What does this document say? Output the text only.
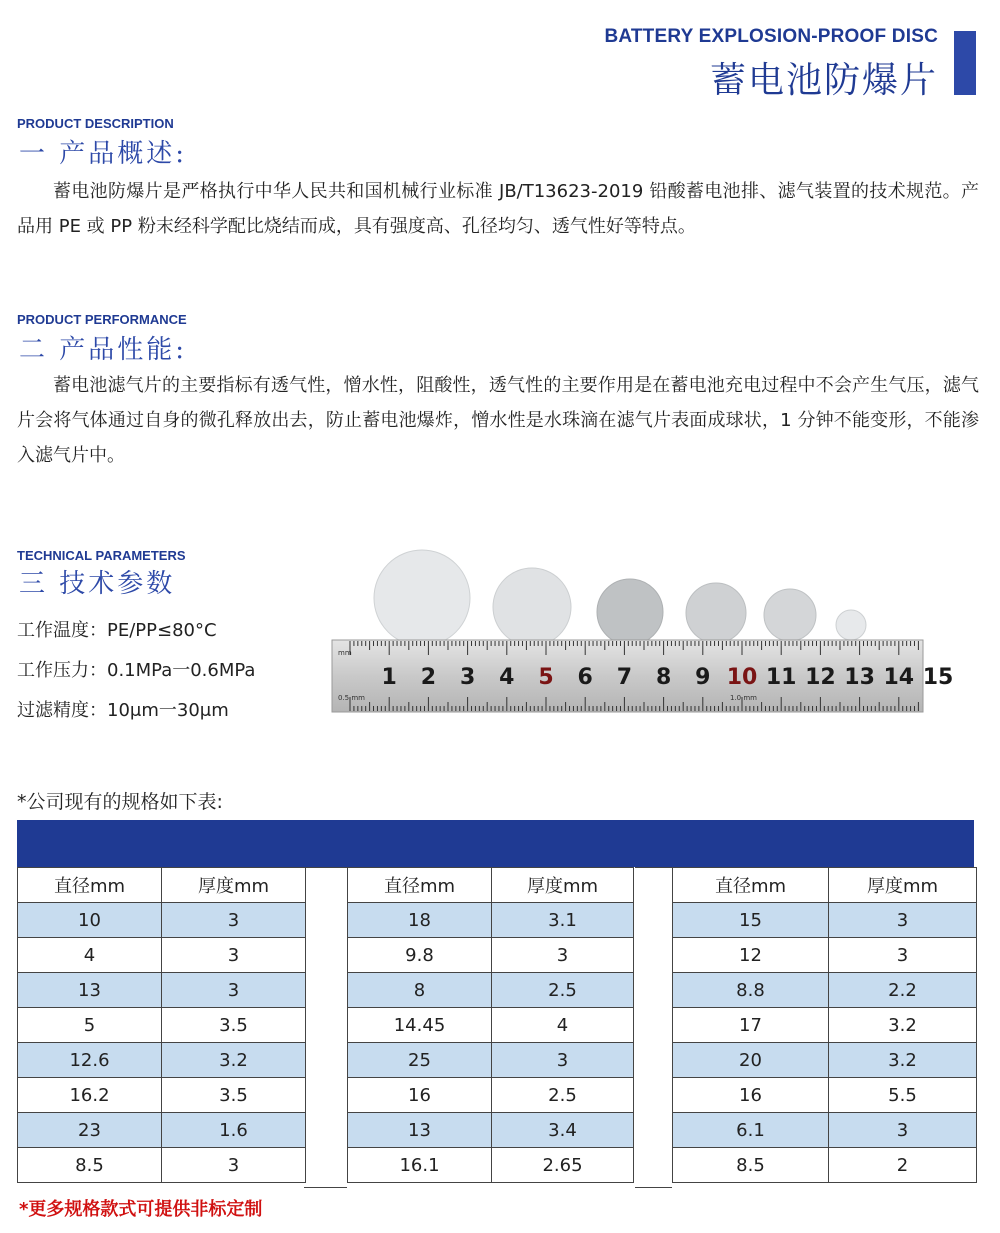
BATTERY EXPLOSION-PROOF DISC
蓄电池防爆片
PRODUCT DESCRIPTION
一 产品概述:
蓄电池防爆片是严格执行中华人民共和国机械行业标准 JB/T13623-2019 铅酸蓄电池排、滤气装置的技术规范。产品用 PE 或 PP 粉末经科学配比烧结而成，具有强度高、孔径均匀、透气性好等特点。
PRODUCT PERFORMANCE
二 产品性能:
蓄电池滤气片的主要指标有透气性，憎水性，阻酸性，透气性的主要作用是在蓄电池充电过程中不会产生气压，滤气片会将气体通过自身的微孔释放出去，防止蓄电池爆炸，憎水性是水珠滴在滤气片表面成球状，1 分钟不能变形，不能渗入滤气片中。
TECHNICAL PARAMETERS
三 技术参数
工作温度：PE/PP≤80°C
工作压力：0.1MPa一0.6MPa
过滤精度：10μm一30μm
1 2 3 4 5 6 7 8 9 10 11 12 13 14 15
mm
0.5 mm	1.0 mm
*公司现有的规格如下表:
直径mm	厚度mm
10	3
4	3
13	3
5	3.5
12.6	3.2
16.2	3.5
23	1.6
8.5	3
直径mm	厚度mm
18	3.1
9.8	3
8	2.5
14.45	4
25	3
16	2.5
13	3.4
16.1	2.65
直径mm	厚度mm
15	3
12	3
8.8	2.2
17	3.2
20	3.2
16	5.5
6.1	3
8.5	2
*更多规格款式可提供非标定制
